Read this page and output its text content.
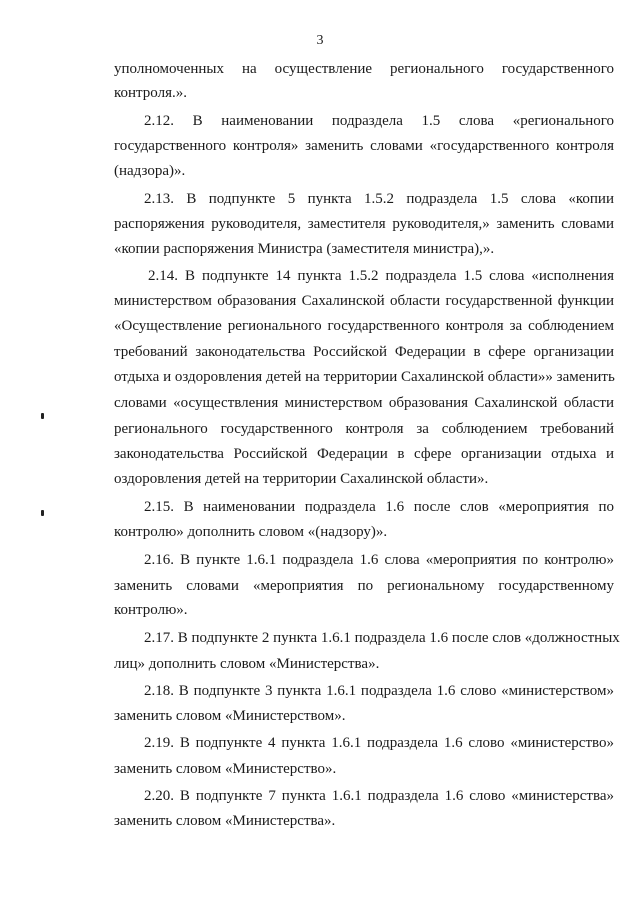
3
уполномоченных на осуществление регионального государственного
контроля.».
2.12. В наименовании подраздела 1.5 слова «регионального
государственного контроля» заменить словами «государственного контроля
(надзора)».
2.13. В подпункте 5 пункта 1.5.2 подраздела 1.5 слова «копии
распоряжения руководителя, заместителя руководителя,» заменить словами
«копии распоряжения Министра (заместителя министра),».
2.14. В подпункте 14 пункта 1.5.2 подраздела 1.5 слова «исполнения
министерством образования Сахалинской области государственной функции
«Осуществление регионального государственного контроля за соблюдением
требований законодательства Российской Федерации в сфере организации
отдыха и оздоровления детей на территории Сахалинской области»» заменить
словами «осуществления министерством образования Сахалинской области
регионального государственного контроля за соблюдением требований
законодательства Российской Федерации в сфере организации отдыха и
оздоровления детей на территории Сахалинской области».
2.15. В наименовании подраздела 1.6 после слов «мероприятия по
контролю» дополнить словом «(надзору)».
2.16. В пункте 1.6.1 подраздела 1.6 слова «мероприятия по контролю»
заменить словами «мероприятия по региональному государственному
контролю».
2.17. В подпункте 2 пункта 1.6.1 подраздела 1.6 после слов «должностных
лиц» дополнить словом «Министерства».
2.18. В подпункте 3 пункта 1.6.1 подраздела 1.6 слово «министерством»
заменить словом «Министерством».
2.19. В подпункте 4 пункта 1.6.1 подраздела 1.6 слово «министерство»
заменить словом «Министерство».
2.20. В подпункте 7 пункта 1.6.1 подраздела 1.6 слово «министерства»
заменить словом «Министерства».
